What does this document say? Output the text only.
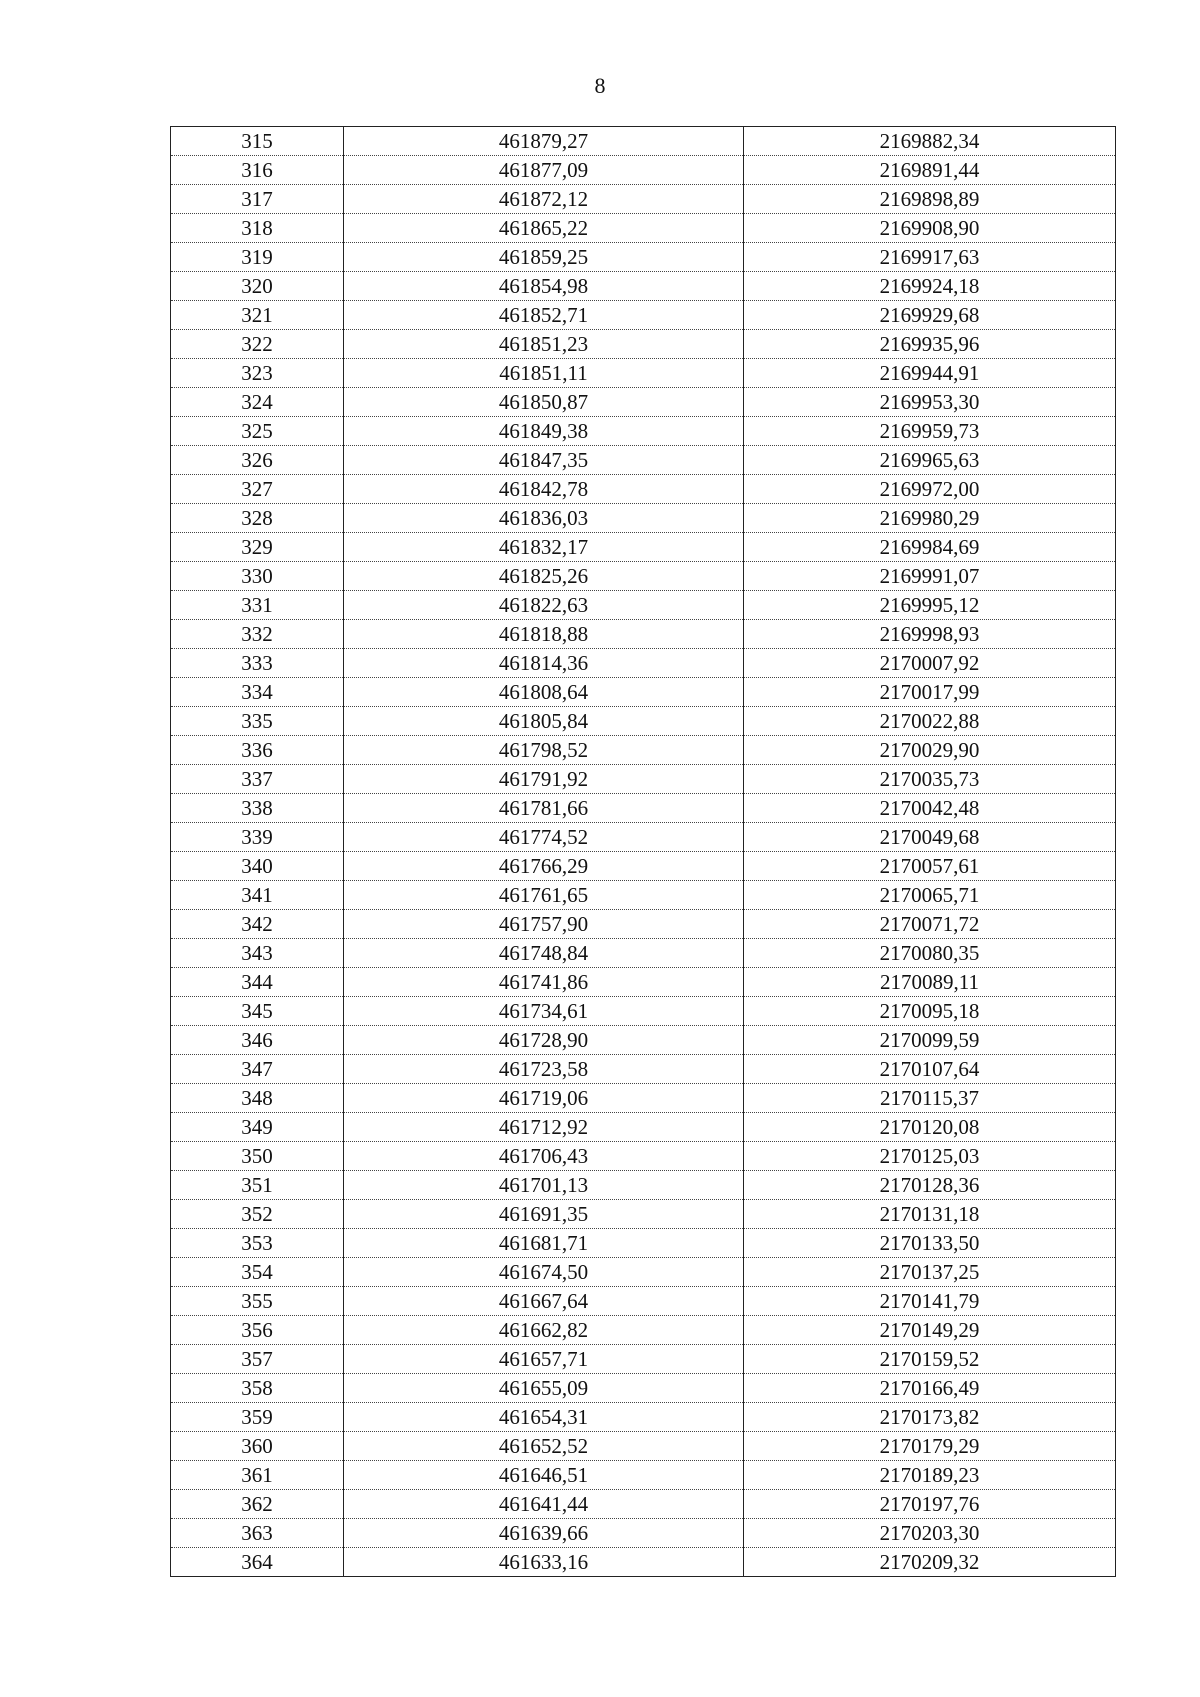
8
315	461879,27	2169882,34
316	461877,09	2169891,44
317	461872,12	2169898,89
318	461865,22	2169908,90
319	461859,25	2169917,63
320	461854,98	2169924,18
321	461852,71	2169929,68
322	461851,23	2169935,96
323	461851,11	2169944,91
324	461850,87	2169953,30
325	461849,38	2169959,73
326	461847,35	2169965,63
327	461842,78	2169972,00
328	461836,03	2169980,29
329	461832,17	2169984,69
330	461825,26	2169991,07
331	461822,63	2169995,12
332	461818,88	2169998,93
333	461814,36	2170007,92
334	461808,64	2170017,99
335	461805,84	2170022,88
336	461798,52	2170029,90
337	461791,92	2170035,73
338	461781,66	2170042,48
339	461774,52	2170049,68
340	461766,29	2170057,61
341	461761,65	2170065,71
342	461757,90	2170071,72
343	461748,84	2170080,35
344	461741,86	2170089,11
345	461734,61	2170095,18
346	461728,90	2170099,59
347	461723,58	2170107,64
348	461719,06	2170115,37
349	461712,92	2170120,08
350	461706,43	2170125,03
351	461701,13	2170128,36
352	461691,35	2170131,18
353	461681,71	2170133,50
354	461674,50	2170137,25
355	461667,64	2170141,79
356	461662,82	2170149,29
357	461657,71	2170159,52
358	461655,09	2170166,49
359	461654,31	2170173,82
360	461652,52	2170179,29
361	461646,51	2170189,23
362	461641,44	2170197,76
363	461639,66	2170203,30
364	461633,16	2170209,32
